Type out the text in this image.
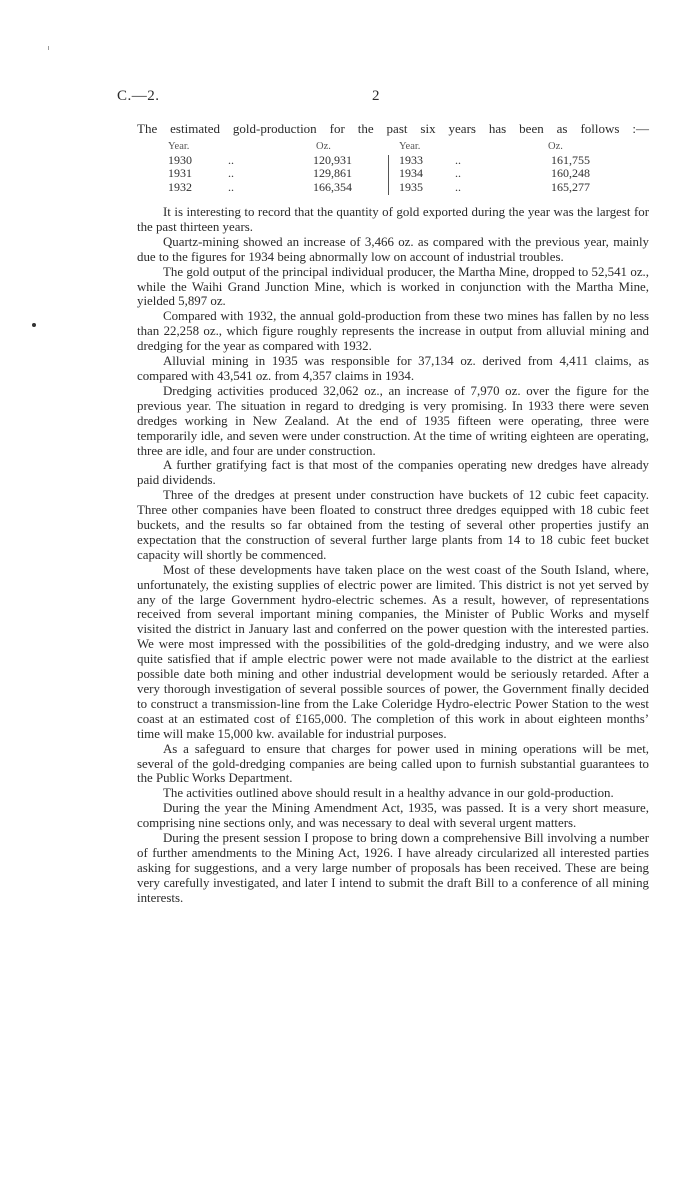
C.—2.	2
The estimated gold-production for the past six years has been as follows :—
Year.	Oz.	Year.	Oz.
1930	..	120,931	1933	..	161,755
1931	..	129,861	1934	..	160,248
1932	..	166,354	1935	..	165,277

It is interesting to record that the quantity of gold exported during the year was the largest for the past thirteen years.

Quartz-mining showed an increase of 3,466 oz. as compared with the previous year, mainly due to the figures for 1934 being abnormally low on account of industrial troubles.

The gold output of the principal individual producer, the Martha Mine, dropped to 52,541 oz., while the Waihi Grand Junction Mine, which is worked in conjunction with the Martha Mine, yielded 5,897 oz.

Compared with 1932, the annual gold-production from these two mines has fallen by no less than 22,258 oz., which figure roughly represents the increase in output from alluvial mining and dredging for the year as compared with 1932.

Alluvial mining in 1935 was responsible for 37,134 oz. derived from 4,411 claims, as compared with 43,541 oz. from 4,357 claims in 1934.

Dredging activities produced 32,062 oz., an increase of 7,970 oz. over the figure for the previous year. The situation in regard to dredging is very promising. In 1933 there were seven dredges working in New Zealand. At the end of 1935 fifteen were operating, three were temporarily idle, and seven were under construction. At the time of writing eighteen are operating, three are idle, and four are under construction.

A further gratifying fact is that most of the companies operating new dredges have already paid dividends.

Three of the dredges at present under construction have buckets of 12 cubic feet capacity. Three other companies have been floated to construct three dredges equipped with 18 cubic feet buckets, and the results so far obtained from the testing of several other properties justify an expectation that the construction of several further large plants from 14 to 18 cubic feet bucket capacity will shortly be commenced.

Most of these developments have taken place on the west coast of the South Island, where, unfortunately, the existing supplies of electric power are limited. This district is not yet served by any of the large Government hydro-electric schemes. As a result, however, of representations received from several important mining companies, the Minister of Public Works and myself visited the district in January last and conferred on the power question with the interested parties. We were most impressed with the possibilities of the gold-dredging industry, and we were also quite satisfied that if ample electric power were not made available to the district at the earliest possible date both mining and other industrial development would be seriously retarded. After a very thorough investigation of several possible sources of power, the Government finally decided to construct a transmission-line from the Lake Coleridge Hydro-electric Power Station to the west coast at an estimated cost of £165,000. The completion of this work in about eighteen months’ time will make 15,000 kw. available for industrial purposes.

As a safeguard to ensure that charges for power used in mining operations will be met, several of the gold-dredging companies are being called upon to furnish substantial guarantees to the Public Works Department.

The activities outlined above should result in a healthy advance in our gold-production.

During the year the Mining Amendment Act, 1935, was passed. It is a very short measure, comprising nine sections only, and was necessary to deal with several urgent matters.

During the present session I propose to bring down a comprehensive Bill involving a number of further amendments to the Mining Act, 1926. I have already circularized all interested parties asking for suggestions, and a very large number of proposals has been received. These are being very carefully investigated, and later I intend to submit the draft Bill to a conference of all mining interests.
